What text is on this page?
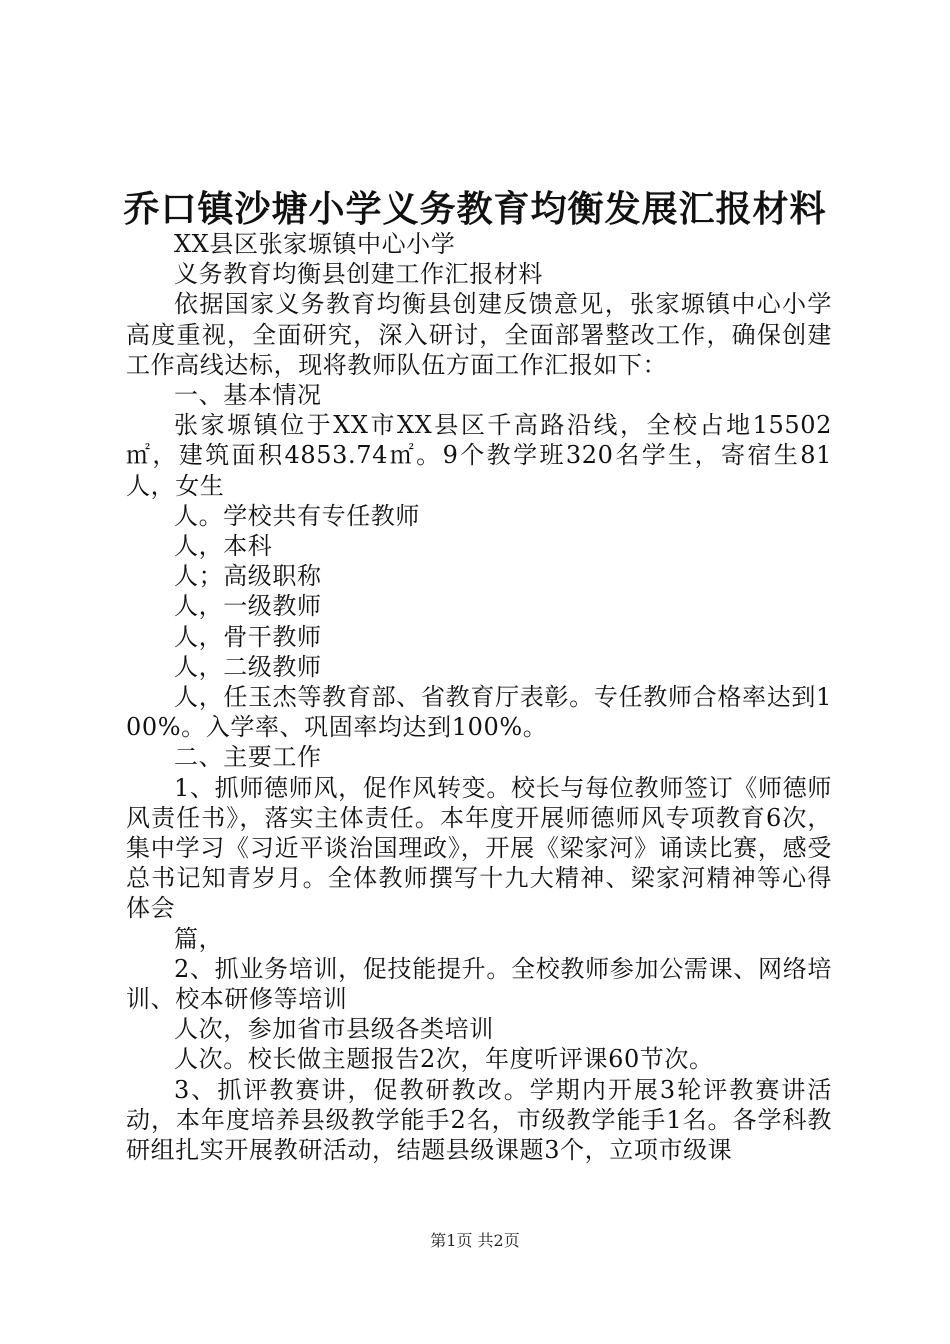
乔口镇沙塘小学义务教育均衡发展汇报材料

XX县区张家塬镇中心小学

义务教育均衡县创建工作汇报材料

依据国家义务教育均衡县创建反馈意见，张家塬镇中心小学高度重视，全面研究，深入研讨，全面部署整改工作，确保创建工作高线达标，现将教师队伍方面工作汇报如下：

一、基本情况

张家塬镇位于XX市XX县区千高路沿线，全校占地15502㎡，建筑面积4853.74㎡。9个教学班320名学生，寄宿生81人，女生

人。学校共有专任教师

人，本科

人；高级职称

人，一级教师

人，骨干教师

人，二级教师

人，任玉杰等教育部、省教育厅表彰。专任教师合格率达到100%。入学率、巩固率均达到100%。

二、主要工作

1、抓师德师风，促作风转变。校长与每位教师签订《师德师风责任书》，落实主体责任。本年度开展师德师风专项教育6次，集中学习《习近平谈治国理政》，开展《梁家河》诵读比赛，感受总书记知青岁月。全体教师撰写十九大精神、梁家河精神等心得体会

篇，

2、抓业务培训，促技能提升。全校教师参加公需课、网络培训、校本研修等培训

人次，参加省市县级各类培训

人次。校长做主题报告2次，年度听评课60节次。

3、抓评教赛讲，促教研教改。学期内开展3轮评教赛讲活动，本年度培养县级教学能手2名，市级教学能手1名。各学科教研组扎实开展教研活动，结题县级课题3个，立项市级课

第1页 共2页
